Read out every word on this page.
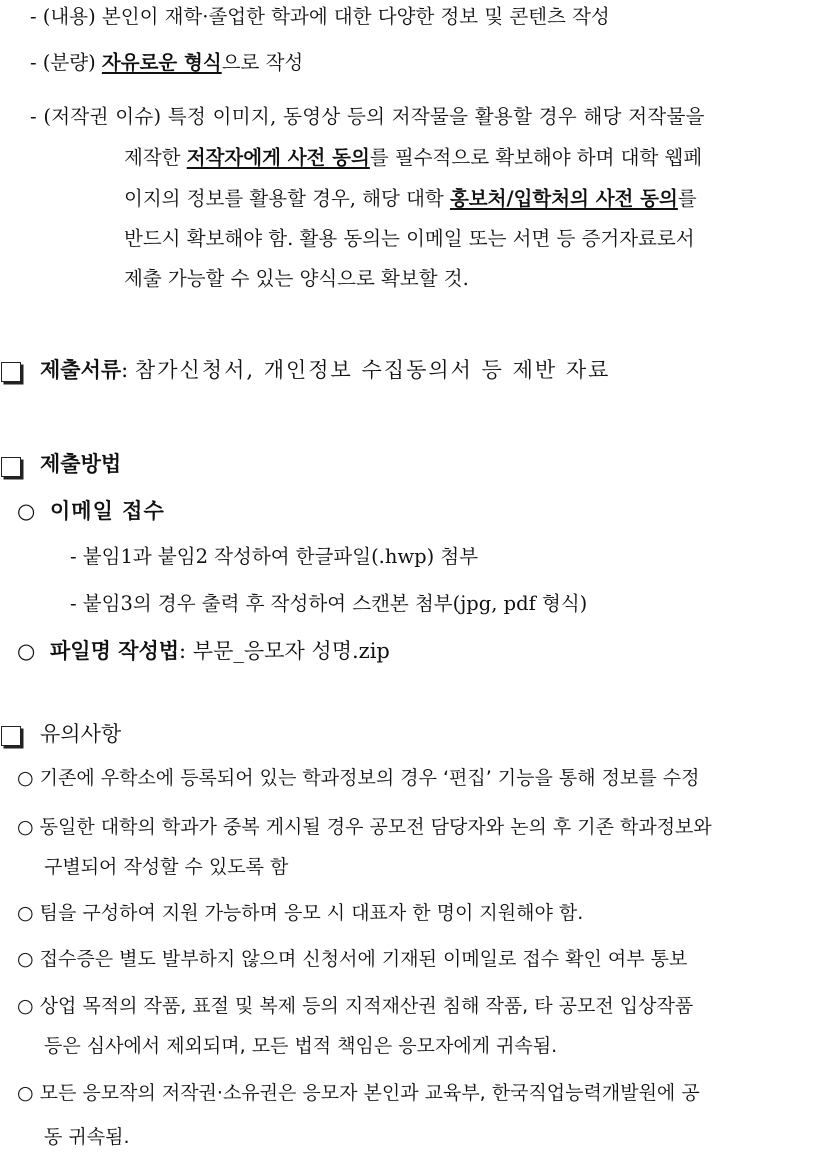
- (내용) 본인이 재학·졸업한 학과에 대한 다양한 정보 및 콘텐츠 작성
- (분량) 자유로운 형식으로 작성
- (저작권 이슈) 특정 이미지, 동영상 등의 저작물을 활용할 경우 해당 저작물을
제작한 저작자에게 사전 동의를 필수적으로 확보해야 하며 대학 웹페
이지의 정보를 활용할 경우, 해당 대학 홍보처/입학처의 사전 동의를
반드시 확보해야 함. 활용 동의는 이메일 또는 서면 등 증거자료로서
제출 가능할 수 있는 양식으로 확보할 것.
제출서류: 참가신청서, 개인정보 수집동의서 등 제반 자료
제출방법
○ 이메일 접수
- 붙임1과 붙임2 작성하여 한글파일(.hwp) 첨부
- 붙임3의 경우 출력 후 작성하여 스캔본 첨부(jpg, pdf 형식)
○ 파일명 작성법: 부문_응모자 성명.zip
유의사항
○ 기존에 우학소에 등록되어 있는 학과정보의 경우 ‘편집’ 기능을 통해 정보를 수정
○ 동일한 대학의 학과가 중복 게시될 경우 공모전 담당자와 논의 후 기존 학과정보와
구별되어 작성할 수 있도록 함
○ 팀을 구성하여 지원 가능하며 응모 시 대표자 한 명이 지원해야 함.
○ 접수증은 별도 발부하지 않으며 신청서에 기재된 이메일로 접수 확인 여부 통보
○ 상업 목적의 작품, 표절 및 복제 등의 지적재산권 침해 작품, 타 공모전 입상작품
등은 심사에서 제외되며, 모든 법적 책임은 응모자에게 귀속됨.
○ 모든 응모작의 저작권·소유권은 응모자 본인과 교육부, 한국직업능력개발원에 공
동 귀속됨.
